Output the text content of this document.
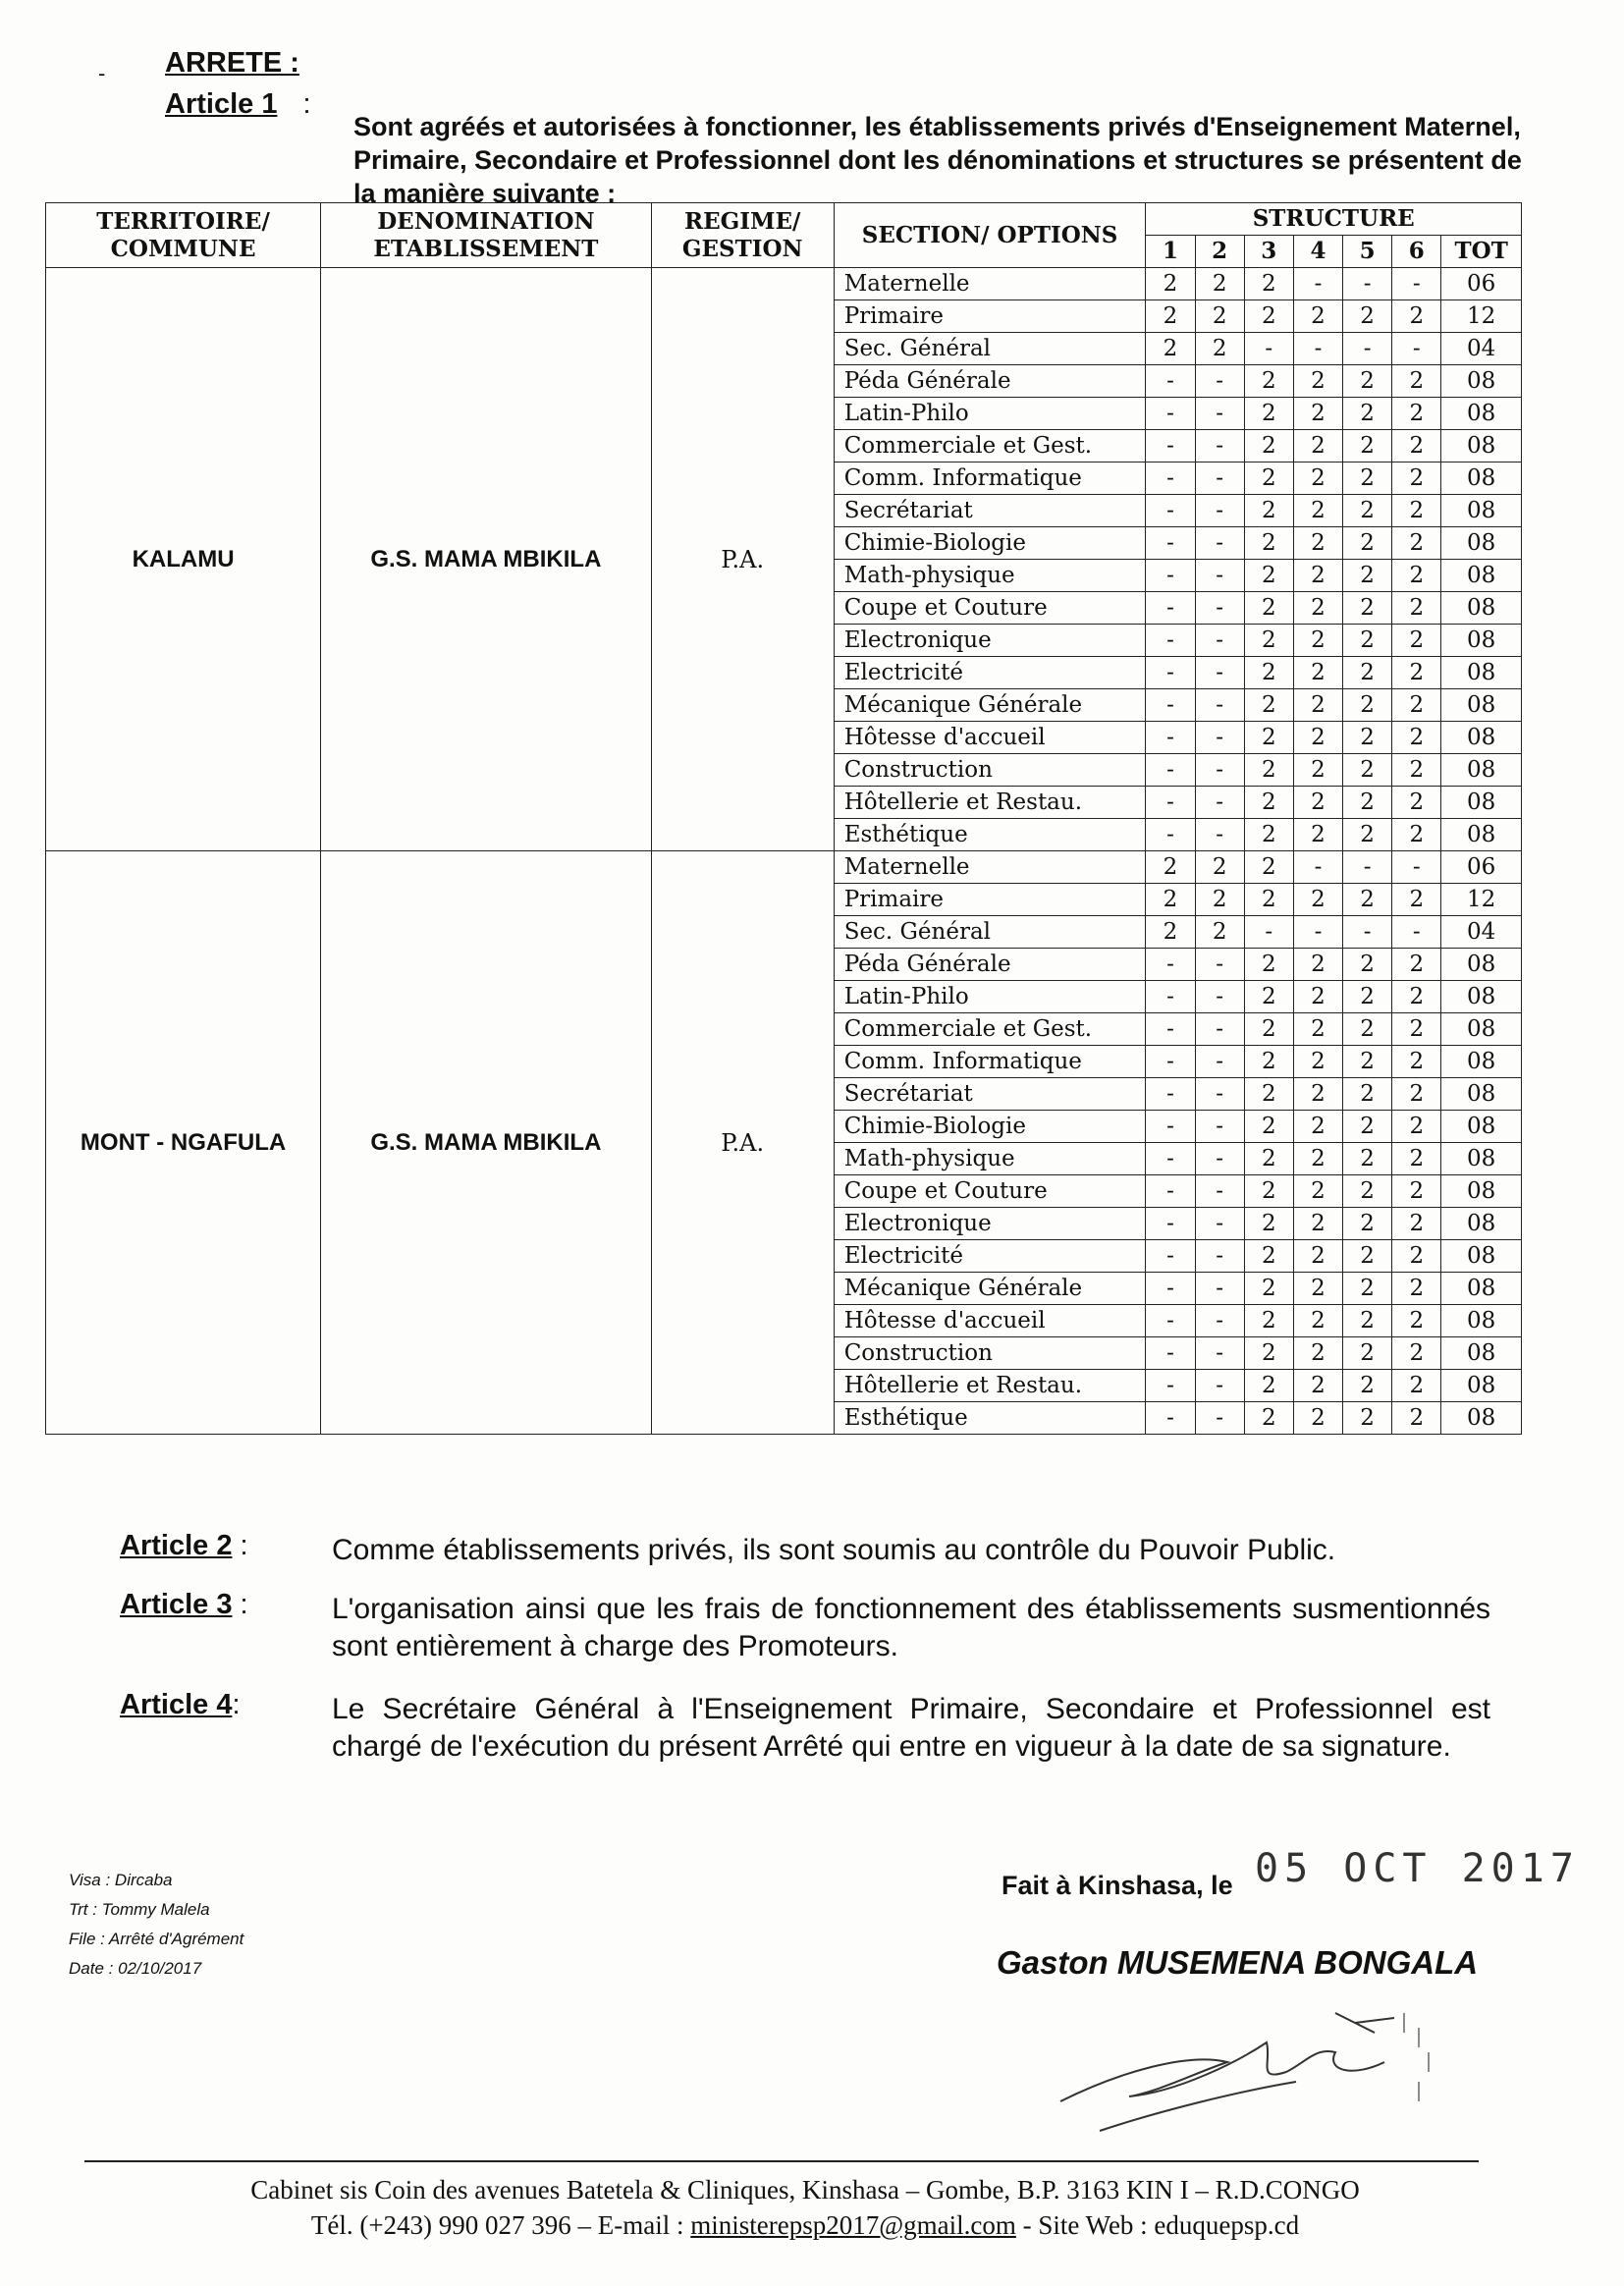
- ARRETE :
Article 1 :
Sont agréés et autorisées à fonctionner, les établissements privés d'Enseignement Maternel, Primaire, Secondaire et Professionnel dont les dénominations et structures se présentent de la manière suivante :
TERRITOIRE/ COMMUNE	DENOMINATION ETABLISSEMENT	REGIME/ GESTION	SECTION/ OPTIONS	STRUCTURE						
				1	2	3	4	5	6	TOT
KALAMU	G.S. MAMA MBIKILA	P.A.	Maternelle	2	2	2	-	-	-	06
			Primaire	2	2	2	2	2	2	12
			Sec. Général	2	2	-	-	-	-	04
			Péda Générale	-	-	2	2	2	2	08
			Latin-Philo	-	-	2	2	2	2	08
			Commerciale et Gest.	-	-	2	2	2	2	08
			Comm. Informatique	-	-	2	2	2	2	08
			Secrétariat	-	-	2	2	2	2	08
			Chimie-Biologie	-	-	2	2	2	2	08
			Math-physique	-	-	2	2	2	2	08
			Coupe et Couture	-	-	2	2	2	2	08
			Electronique	-	-	2	2	2	2	08
			Electricité	-	-	2	2	2	2	08
			Mécanique Générale	-	-	2	2	2	2	08
			Hôtesse d'accueil	-	-	2	2	2	2	08
			Construction	-	-	2	2	2	2	08
			Hôtellerie et Restau.	-	-	2	2	2	2	08
			Esthétique	-	-	2	2	2	2	08
MONT - NGAFULA	G.S. MAMA MBIKILA	P.A.	Maternelle	2	2	2	-	-	-	06
			Primaire	2	2	2	2	2	2	12
			Sec. Général	2	2	-	-	-	-	04
			Péda Générale	-	-	2	2	2	2	08
			Latin-Philo	-	-	2	2	2	2	08
			Commerciale et Gest.	-	-	2	2	2	2	08
			Comm. Informatique	-	-	2	2	2	2	08
			Secrétariat	-	-	2	2	2	2	08
			Chimie-Biologie	-	-	2	2	2	2	08
			Math-physique	-	-	2	2	2	2	08
			Coupe et Couture	-	-	2	2	2	2	08
			Electronique	-	-	2	2	2	2	08
			Electricité	-	-	2	2	2	2	08
			Mécanique Générale	-	-	2	2	2	2	08
			Hôtesse d'accueil	-	-	2	2	2	2	08
			Construction	-	-	2	2	2	2	08
			Hôtellerie et Restau.	-	-	2	2	2	2	08
			Esthétique	-	-	2	2	2	2	08
Article 2 :	Comme établissements privés, ils sont soumis au contrôle du Pouvoir Public.
Article 3 :	L'organisation ainsi que les frais de fonctionnement des établissements susmentionnés sont entièrement à charge des Promoteurs.
Article 4:	Le Secrétaire Général à l'Enseignement Primaire, Secondaire et Professionnel est chargé de l'exécution du présent Arrêté qui entre en vigueur à la date de sa signature.
Visa : Dircaba
Trt : Tommy Malela
File : Arrêté d'Agrément
Date : 02/10/2017
Fait à Kinshasa, le 05 OCT 2017
Gaston MUSEMENA BONGALA
Cabinet sis Coin des avenues Batetela & Cliniques, Kinshasa – Gombe, B.P. 3163 KIN I – R.D.CONGO
Tél. (+243) 990 027 396 – E-mail : ministerepsp2017@gmail.com - Site Web : eduquepsp.cd
